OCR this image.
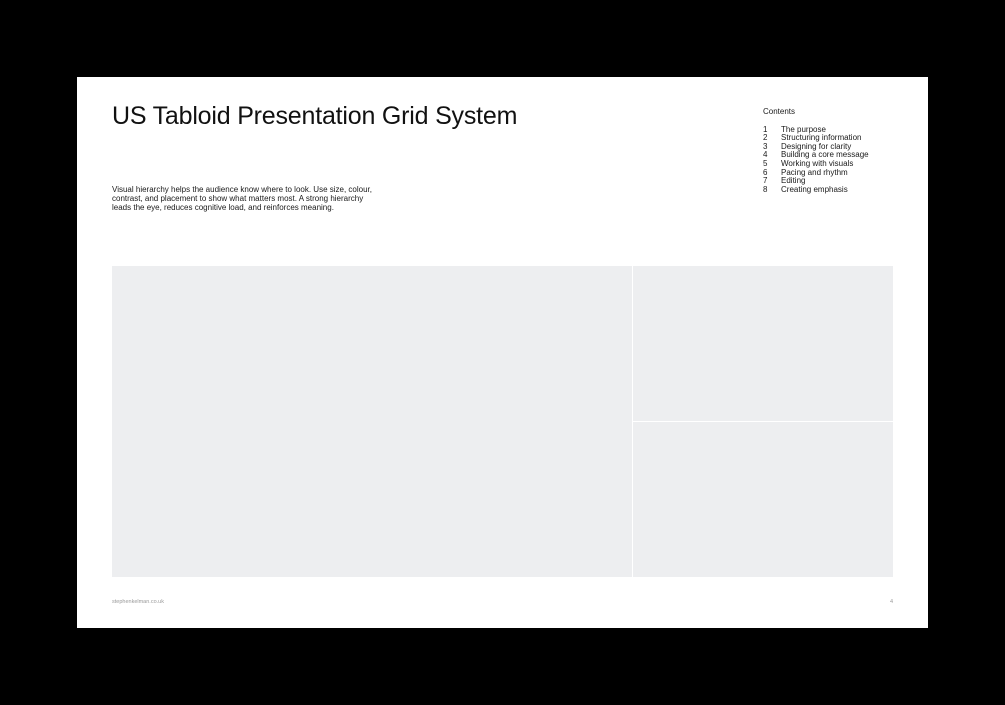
US Tabloid Presentation Grid System

Visual hierarchy helps the audience know where to look. Use size, colour, contrast, and placement to show what matters most. A strong hierarchy leads the eye, reduces cognitive load, and reinforces meaning.

Contents
1	The purpose
2	Structuring information
3	Designing for clarity
4	Building a core message
5	Working with visuals
6	Pacing and rhythm
7	Editing
8	Creating emphasis
stephenkelman.co.uk	4
